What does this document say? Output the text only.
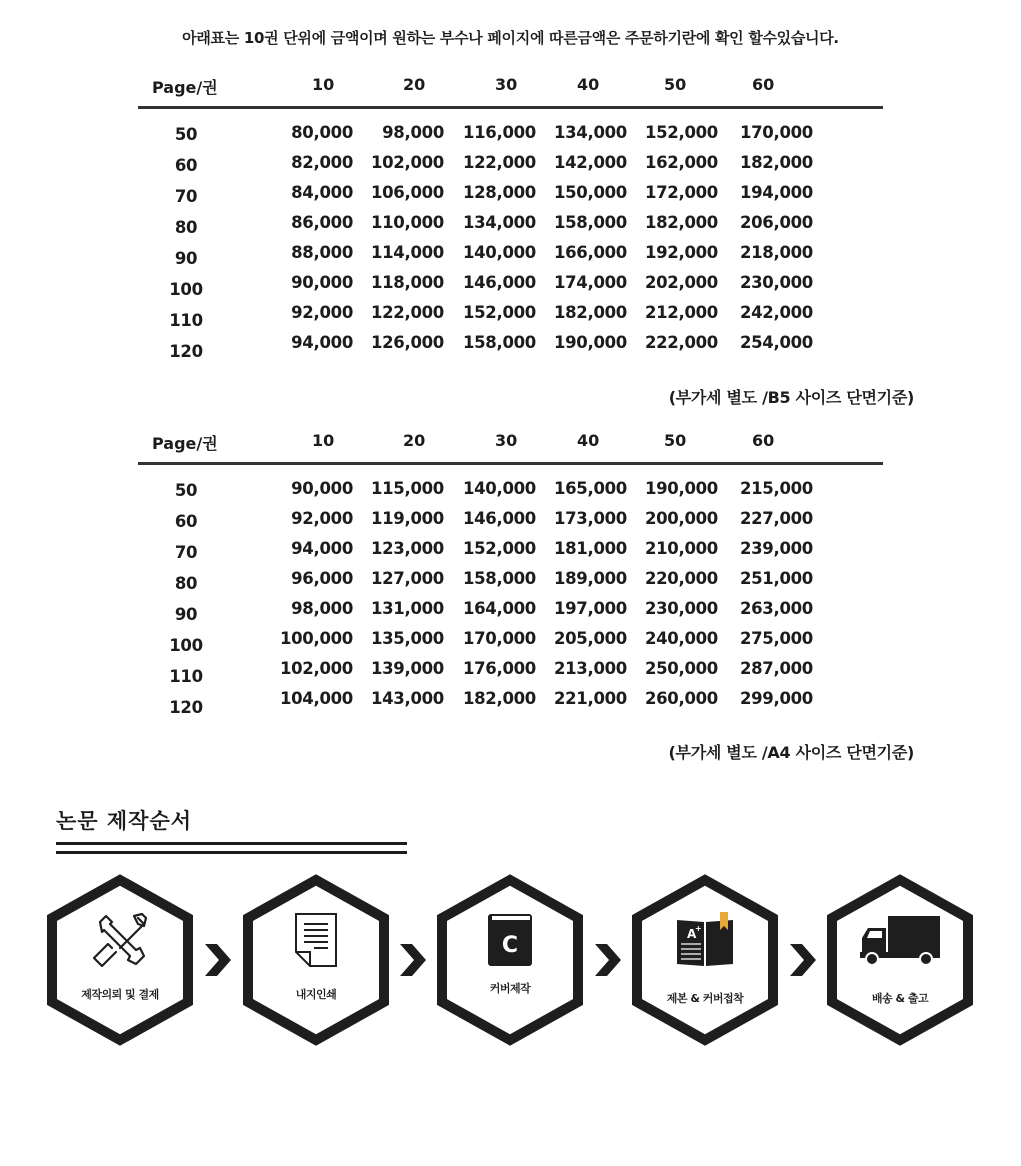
아래표는 10권 단위에 금액이며 원하는 부수나 페이지에 따른금액은 주문하기란에 확인 할수있습니다.
Page/권	10	20	30	40	50	60
50	80,000	98,000	116,000	134,000	152,000	170,000
60	82,000	102,000	122,000	142,000	162,000	182,000
70	84,000	106,000	128,000	150,000	172,000	194,000
80	86,000	110,000	134,000	158,000	182,000	206,000
90	88,000	114,000	140,000	166,000	192,000	218,000
100	90,000	118,000	146,000	174,000	202,000	230,000
110	92,000	122,000	152,000	182,000	212,000	242,000
120	94,000	126,000	158,000	190,000	222,000	254,000
(부가세 별도 /B5 사이즈 단면기준)
Page/권	10	20	30	40	50	60
50	90,000	115,000	140,000	165,000	190,000	215,000
60	92,000	119,000	146,000	173,000	200,000	227,000
70	94,000	123,000	152,000	181,000	210,000	239,000
80	96,000	127,000	158,000	189,000	220,000	251,000
90	98,000	131,000	164,000	197,000	230,000	263,000
100	100,000	135,000	170,000	205,000	240,000	275,000
110	102,000	139,000	176,000	213,000	250,000	287,000
120	104,000	143,000	182,000	221,000	260,000	299,000
(부가세 별도 /A4 사이즈 단면기준)
논문 제작순서
제작의뢰 및 결제	내지인쇄
C
커버제작
A
+
제본 & 커버접착	배송 & 출고
